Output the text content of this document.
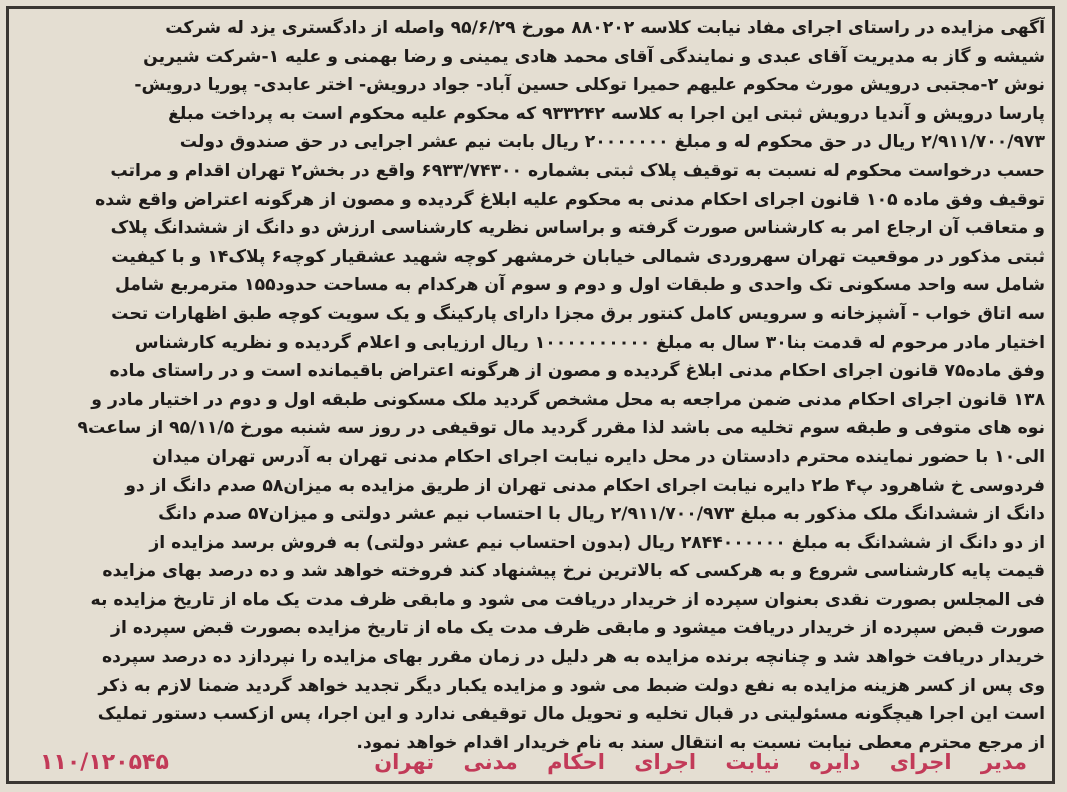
آگهی مزایده در راستای اجرای مفاد نیابت کلاسه ۸۸۰۲۰۲ مورخ ۹۵/۶/۲۹ واصله از دادگستری یزد له شرکت
شیشه و گاز به مدیریت آقای عبدی و نمایندگی آقای محمد هادی یمینی و رضا بهمنی و علیه ۱-شرکت شیرین
نوش ۲-مجتبی درویش مورث محکوم علیهم حمیرا توکلی حسین آباد- جواد درویش- اختر عابدی- پوریا درویش-
پارسا درویش و آندیا درویش ثبتی این اجرا به کلاسه ۹۳۳۲۴۲ که محکوم علیه محکوم است به پرداخت مبلغ
۲/۹۱۱/۷۰۰/۹۷۳ ریال در حق محکوم له و مبلغ ۲۰۰۰۰۰۰۰ ریال بابت نیم عشر اجرایی در حق صندوق دولت
حسب درخواست محکوم له نسبت به توقیف پلاک ثبتی بشماره ۶۹۳۳/۷۴۳۰۰ واقع در بخش۲ تهران اقدام و مراتب
توقیف وفق ماده ۱۰۵ قانون اجرای احکام مدنی به محکوم علیه ابلاغ گردیده و مصون از هرگونه اعتراض واقع شده
و متعاقب آن ارجاع امر به کارشناس صورت گرفته و براساس نظریه کارشناسی ارزش دو دانگ از ششدانگ پلاک
ثبتی مذکور در موقعیت تهران سهروردی شمالی خیابان خرمشهر کوچه شهید عشقیار کوچه۶ پلاک۱۴ و با کیفیت
شامل سه واحد مسکونی تک واحدی و طبقات اول و دوم و سوم آن هرکدام به مساحت حدود۱۵۵ مترمربع شامل
سه اتاق خواب - آشپزخانه و سرویس کامل کنتور برق مجزا دارای پارکینگ و یک سویت کوچه طبق اظهارات تحت
اختیار مادر مرحوم له قدمت بنا۳۰ سال به مبلغ ۱۰۰۰۰۰۰۰۰۰۰ ریال ارزیابی و اعلام گردیده و نظریه کارشناس
وفق ماده۷۵ قانون اجرای احکام مدنی ابلاغ گردیده و مصون از هرگونه اعتراض باقیمانده است و در راستای ماده
۱۳۸ قانون اجرای احکام مدنی ضمن مراجعه به محل مشخص گردید ملک مسکونی طبقه اول و دوم در اختیار مادر و
نوه های متوفی و طبقه سوم تخلیه می باشد لذا مقرر گردید مال توقیفی در روز سه شنبه مورخ ۹۵/۱۱/۵ از ساعت۹
الی۱۰ با حضور نماینده محترم دادستان در محل دایره نیابت اجرای احکام مدنی تهران به آدرس تهران میدان
فردوسی خ شاهرود پ۴ ط۲ دایره نیابت اجرای احکام مدنی تهران از طریق مزایده به میزان۵۸ صدم دانگ از دو
دانگ از ششدانگ ملک مذکور به مبلغ ۲/۹۱۱/۷۰۰/۹۷۳ ریال با احتساب نیم عشر دولتی و میزان۵۷ صدم دانگ
از دو دانگ از ششدانگ به مبلغ ۲۸۴۴۰۰۰۰۰۰ ریال (بدون احتساب نیم عشر دولتی) به فروش برسد مزایده از
قیمت پایه کارشناسی شروع و به هرکسی که بالاترین نرخ پیشنهاد کند فروخته خواهد شد و ده درصد بهای مزایده
فی المجلس بصورت نقدی بعنوان سپرده از خریدار دریافت می شود و مابقی ظرف مدت یک ماه از تاریخ مزایده به
صورت قبض سپرده از خریدار دریافت میشود و مابقی ظرف مدت یک ماه از تاریخ مزایده بصورت قبض سپرده از
خریدار دریافت خواهد شد و چنانچه برنده مزایده به هر دلیل در زمان مقرر بهای مزایده را نپردازد ده درصد سپرده
وی پس از کسر هزینه مزایده به نفع دولت ضبط می شود و مزایده یکبار دیگر تجدید خواهد گردید ضمنا لازم به ذکر
است این اجرا هیچگونه مسئولیتی در قبال تخلیه و تحویل مال توقیفی ندارد و این اجرا، پس ازکسب دستور تملیک
از مرجع محترم معطی نیابت نسبت به انتقال سند به نام خریدار اقدام خواهد نمود.
مدیر اجرای دایره نیابت اجرای احکام مدنی تهران
۱۱۰/۱۲۰۵۴۵
